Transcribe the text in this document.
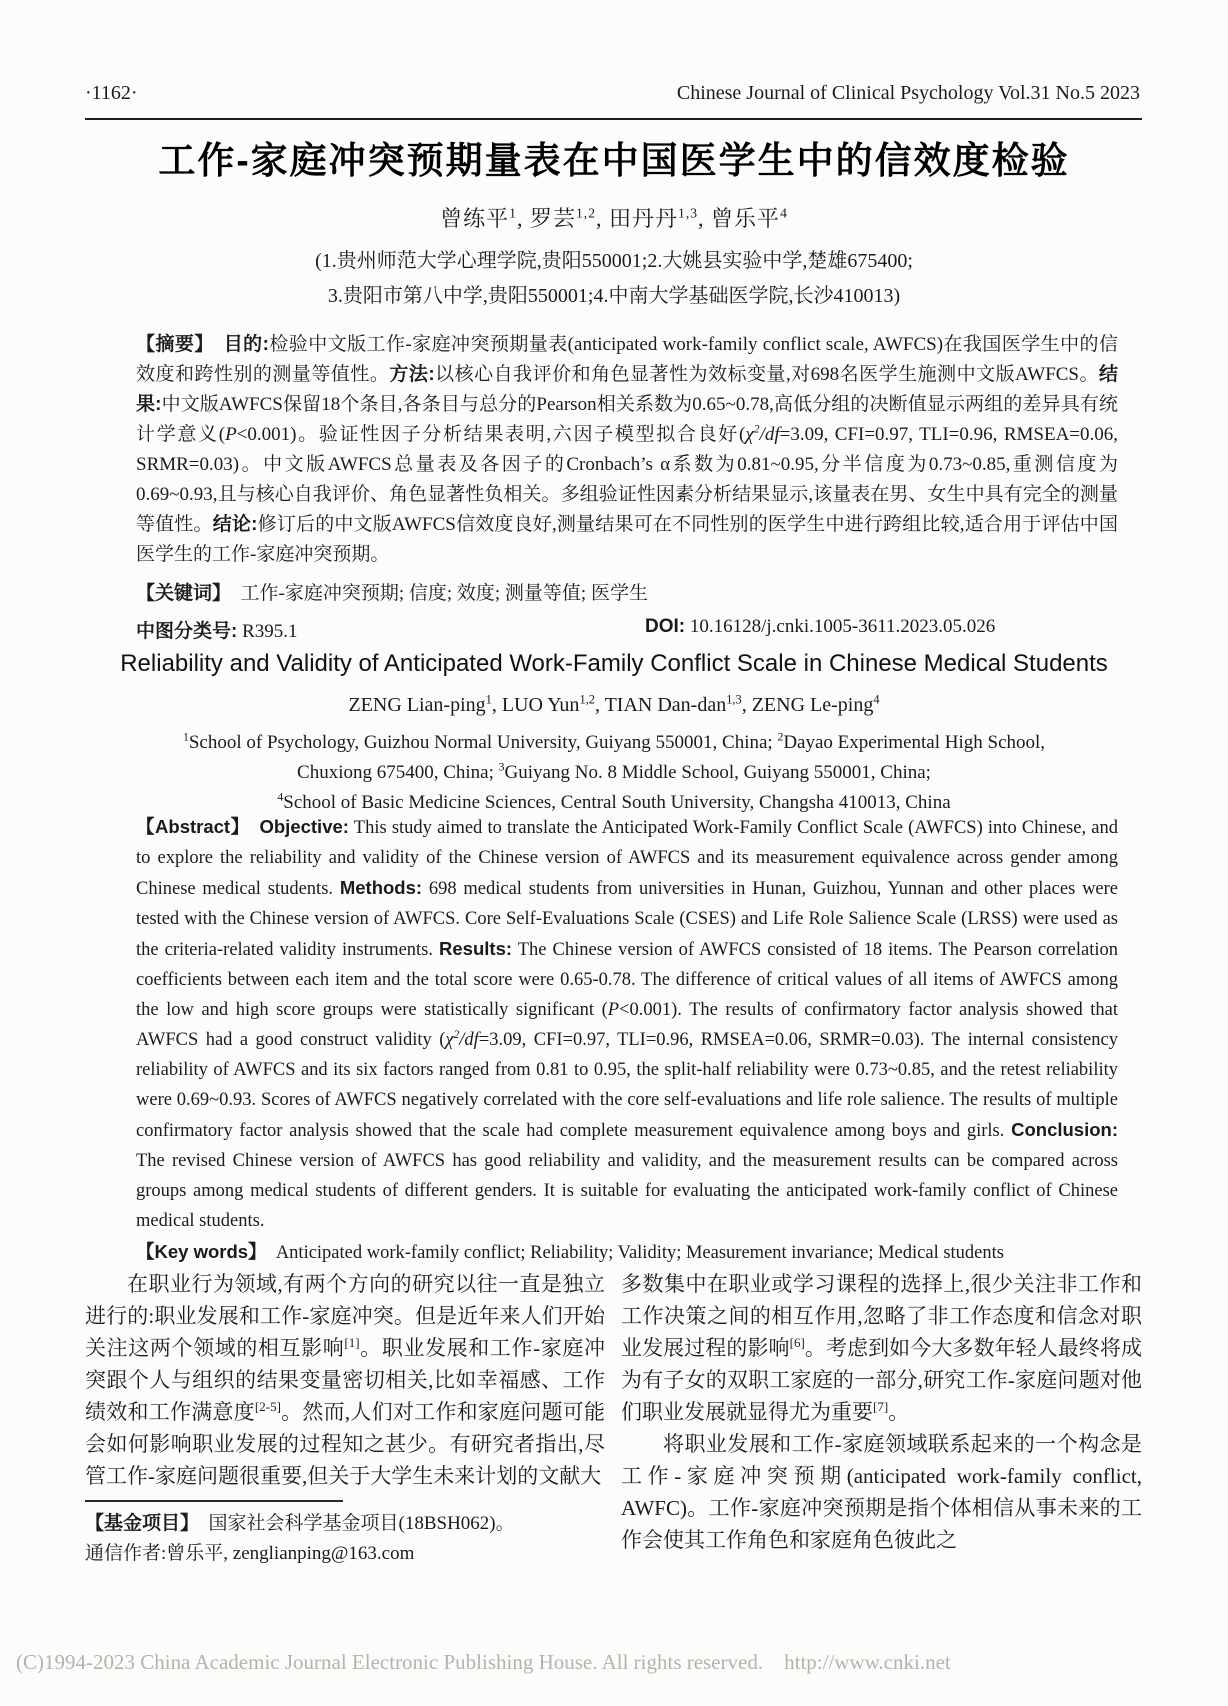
·1162·	Chinese Journal of Clinical Psychology Vol.31 No.5 2023
工作-家庭冲突预期量表在中国医学生中的信效度检验
曾练平$^1$, 罗芸$^{1,2}$, 田丹丹$^{1,3}$, 曾乐平$^4$
(1.贵州师范大学心理学院,贵阳550001;2.大姚县实验中学,楚雄675400;
3.贵阳市第八中学,贵阳550001;4.中南大学基础医学院,长沙410013)

【摘要】　 目的:检验中文版工作-家庭冲突预期量表(anticipated work-family conflict scale, AWFCS)在我国医学生中的信效度和跨性别的测量等值性。方法:以核心自我评价和角色显著性为效标变量,对698名医学生施测中文版AWFCS。结果:中文版AWFCS保留18个条目,各条目与总分的Pearson相关系数为0.65~0.78,高低分组的决断值显示两组的差异具有统计学意义(P<0.001)。验证性因子分析结果表明,六因子模型拟合良好($\chi^2/df=3.09$, CFI=0.97, TLI=0.96, RMSEA=0.06, SRMR=0.03)。中文版AWFCS总量表及各因子的Cronbach’s α系数为0.81~0.95,分半信度为0.73~0.85,重测信度为0.69~0.93,且与核心自我评价、角色显著性负相关。多组验证性因素分析结果显示,该量表在男、女生中具有完全的测量等值性。结论:修订后的中文版AWFCS信效度良好,测量结果可在不同性别的医学生中进行跨组比较,适合用于评估中国医学生的工作-家庭冲突预期。

【关键词】　工作-家庭冲突预期; 信度; 效度; 测量等值; 医学生

中图分类号: R395.1	DOI: 10.16128/j.cnki.1005-3611.2023.05.026
Reliability and Validity of Anticipated Work-Family Conflict Scale in Chinese Medical Students
ZENG Lian-ping$^1$, LUO Yun$^{1,2}$, TIAN Dan-dan$^{1,3}$, ZENG Le-ping$^4$
$^1$School of Psychology, Guizhou Normal University, Guiyang 550001, China; $^2$Dayao Experimental High School,
Chuxiong 675400, China; $^3$Guiyang No. 8 Middle School, Guiyang 550001, China;
$^4$School of Basic Medicine Sciences, Central South University, Changsha 410013, China

【Abstract】　 Objective: This study aimed to translate the Anticipated Work-Family Conflict Scale (AWFCS) into Chinese, and to explore the reliability and validity of the Chinese version of AWFCS and its measurement equivalence across gender among Chinese medical students. Methods: 698 medical students from universities in Hunan, Guizhou, Yunnan and other places were tested with the Chinese version of AWFCS. Core Self-Evaluations Scale (CSES) and Life Role Salience Scale (LRSS) were used as the criteria-related validity instruments. Results: The Chinese version of AWFCS consisted of 18 items. The Pearson correlation coefficients between each item and the total score were 0.65-0.78. The difference of critical values of all items of AWFCS among the low and high score groups were statistically significant (P<0.001). The results of confirmatory factor analysis showed that AWFCS had a good construct validity ($\chi^2/df=3.09$, CFI=0.97, TLI=0.96, RMSEA=0.06, SRMR=0.03). The internal consistency reliability of AWFCS and its six factors ranged from 0.81 to 0.95, the split-half reliability were 0.73~0.85, and the retest reliability were 0.69~0.93. Scores of AWFCS negatively correlated with the core self-evaluations and life role salience. The results of multiple confirmatory factor analysis showed that the scale had complete measurement equivalence among boys and girls. Conclusion: The revised Chinese version of AWFCS has good reliability and validity, and the measurement results can be compared across groups among medical students of different genders. It is suitable for evaluating the anticipated work-family conflict of Chinese medical students.

【Key words】　Anticipated work-family conflict; Reliability; Validity; Measurement invariance; Medical students

在职业行为领域,有两个方向的研究以往一直是独立进行的:职业发展和工作-家庭冲突。但是近年来人们开始关注这两个领域的相互影响[1]。职业发展和工作-家庭冲突跟个人与组织的结果变量密切相关,比如幸福感、工作绩效和工作满意度[2-5]。然而,人们对工作和家庭问题可能会如何影响职业发展的过程知之甚少。有研究者指出,尽管工作-家庭问题很重要,但关于大学生未来计划的文献大

【基金项目】　国家社会科学基金项目(18BSH062)。

通信作者:曾乐平, zenglianping@163.com

多数集中在职业或学习课程的选择上,很少关注非工作和工作决策之间的相互作用,忽略了非工作态度和信念对职业发展过程的影响[6]。考虑到如今大多数年轻人最终将成为有子女的双职工家庭的一部分,研究工作-家庭问题对他们职业发展就显得尤为重要[7]。

将职业发展和工作-家庭领域联系起来的一个构念是工作-家庭冲突预期(anticipated work-family conflict, AWFC)。工作-家庭冲突预期是指个体相信从事未来的工作会使其工作角色和家庭角色彼此之

(C)1994-2023 China Academic Journal Electronic Publishing House. All rights reserved.    http://www.cnki.net
